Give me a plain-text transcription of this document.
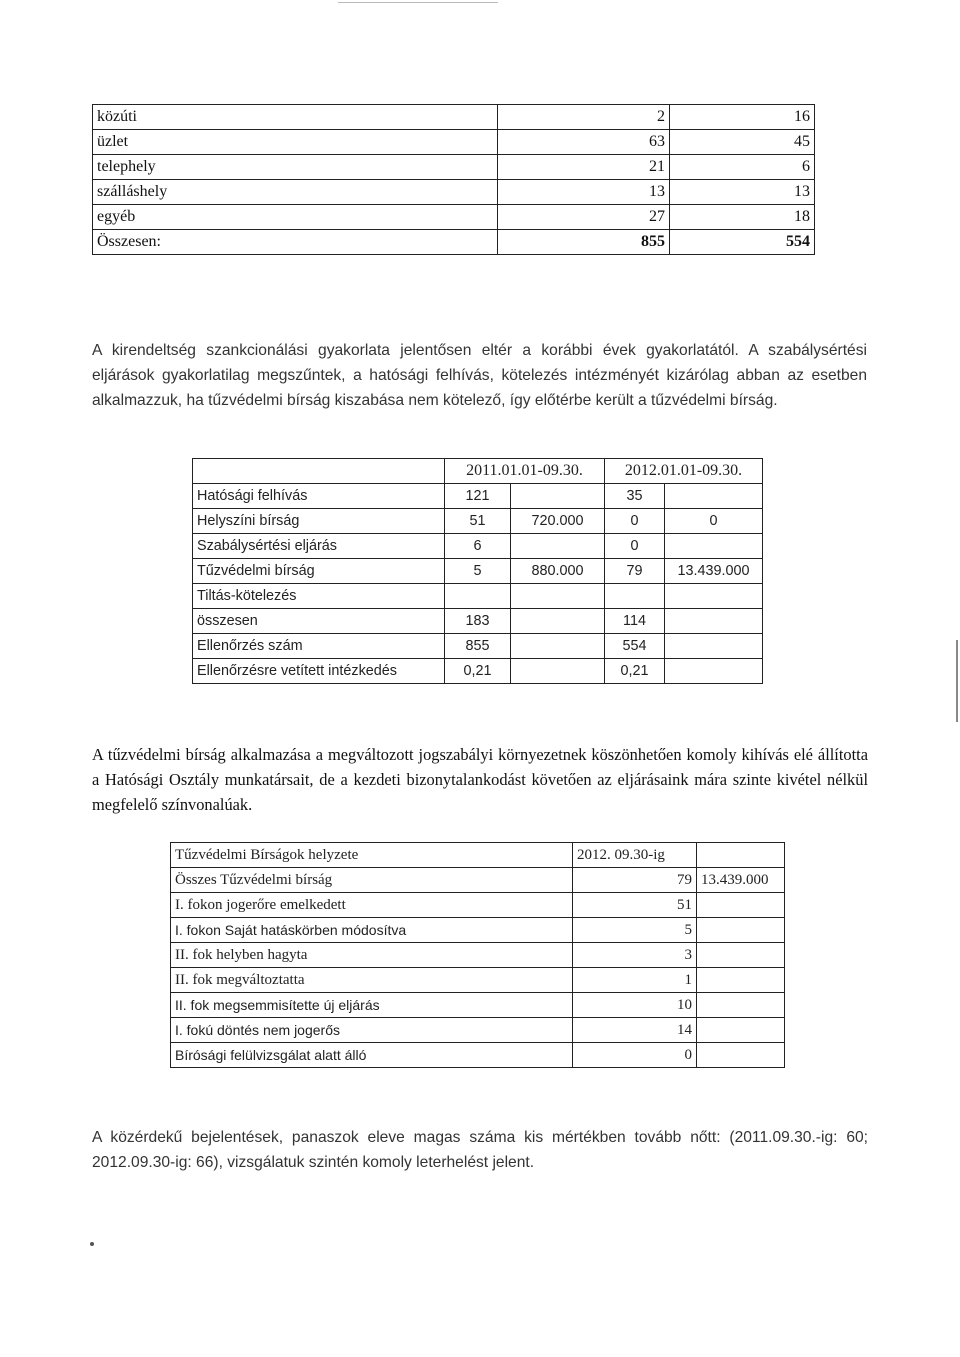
közúti	2	16
üzlet	63	45
telephely	21	6
szálláshely	13	13
egyéb	27	18
Összesen:	855	554

A kirendeltség szankcionálási gyakorlata jelentősen eltér a korábbi évek gyakorlatától. A szabálysértési eljárások gyakorlatilag megszűntek, a hatósági felhívás, kötelezés intézményét kizárólag abban az esetben alkalmazzuk, ha tűzvédelmi bírság kiszabása nem kötelező, így előtérbe került a tűzvédelmi bírság.

	2011.01.01-09.30.		2012.01.01-09.30.	
Hatósági felhívás	121		35	
Helyszíni bírság	51	720.000	0	0
Szabálysértési eljárás	6		0	
Tűzvédelmi bírság	5	880.000	79	13.439.000
Tiltás-kötelezés				
összesen	183		114	
Ellenőrzés szám	855		554	
Ellenőrzésre vetített intézkedés	0,21		0,21	

A tűzvédelmi bírság alkalmazása a megváltozott jogszabályi környezetnek köszönhetően komoly kihívás elé állította a Hatósági Osztály munkatársait, de a kezdeti bizonytalankodást követően az eljárásaink mára szinte kivétel nélkül megfelelő színvonalúak.

Tűzvédelmi Bírságok helyzete	2012. 09.30-ig	
Összes Tűzvédelmi bírság	79	13.439.000
I. fokon jogerőre emelkedett	51	
I. fokon Saját hatáskörben módosítva	5	
II. fok helyben hagyta	3	
II. fok megváltoztatta	1	
II. fok megsemmisítette új eljárás	10	
I. fokú döntés nem jogerős	14	
Bírósági felülvizsgálat alatt álló	0	

A közérdekű bejelentések, panaszok eleve magas száma kis mértékben tovább nőtt: (2011.09.30.-ig: 60; 2012.09.30-ig: 66), vizsgálatuk szintén komoly leterhelést jelent.
